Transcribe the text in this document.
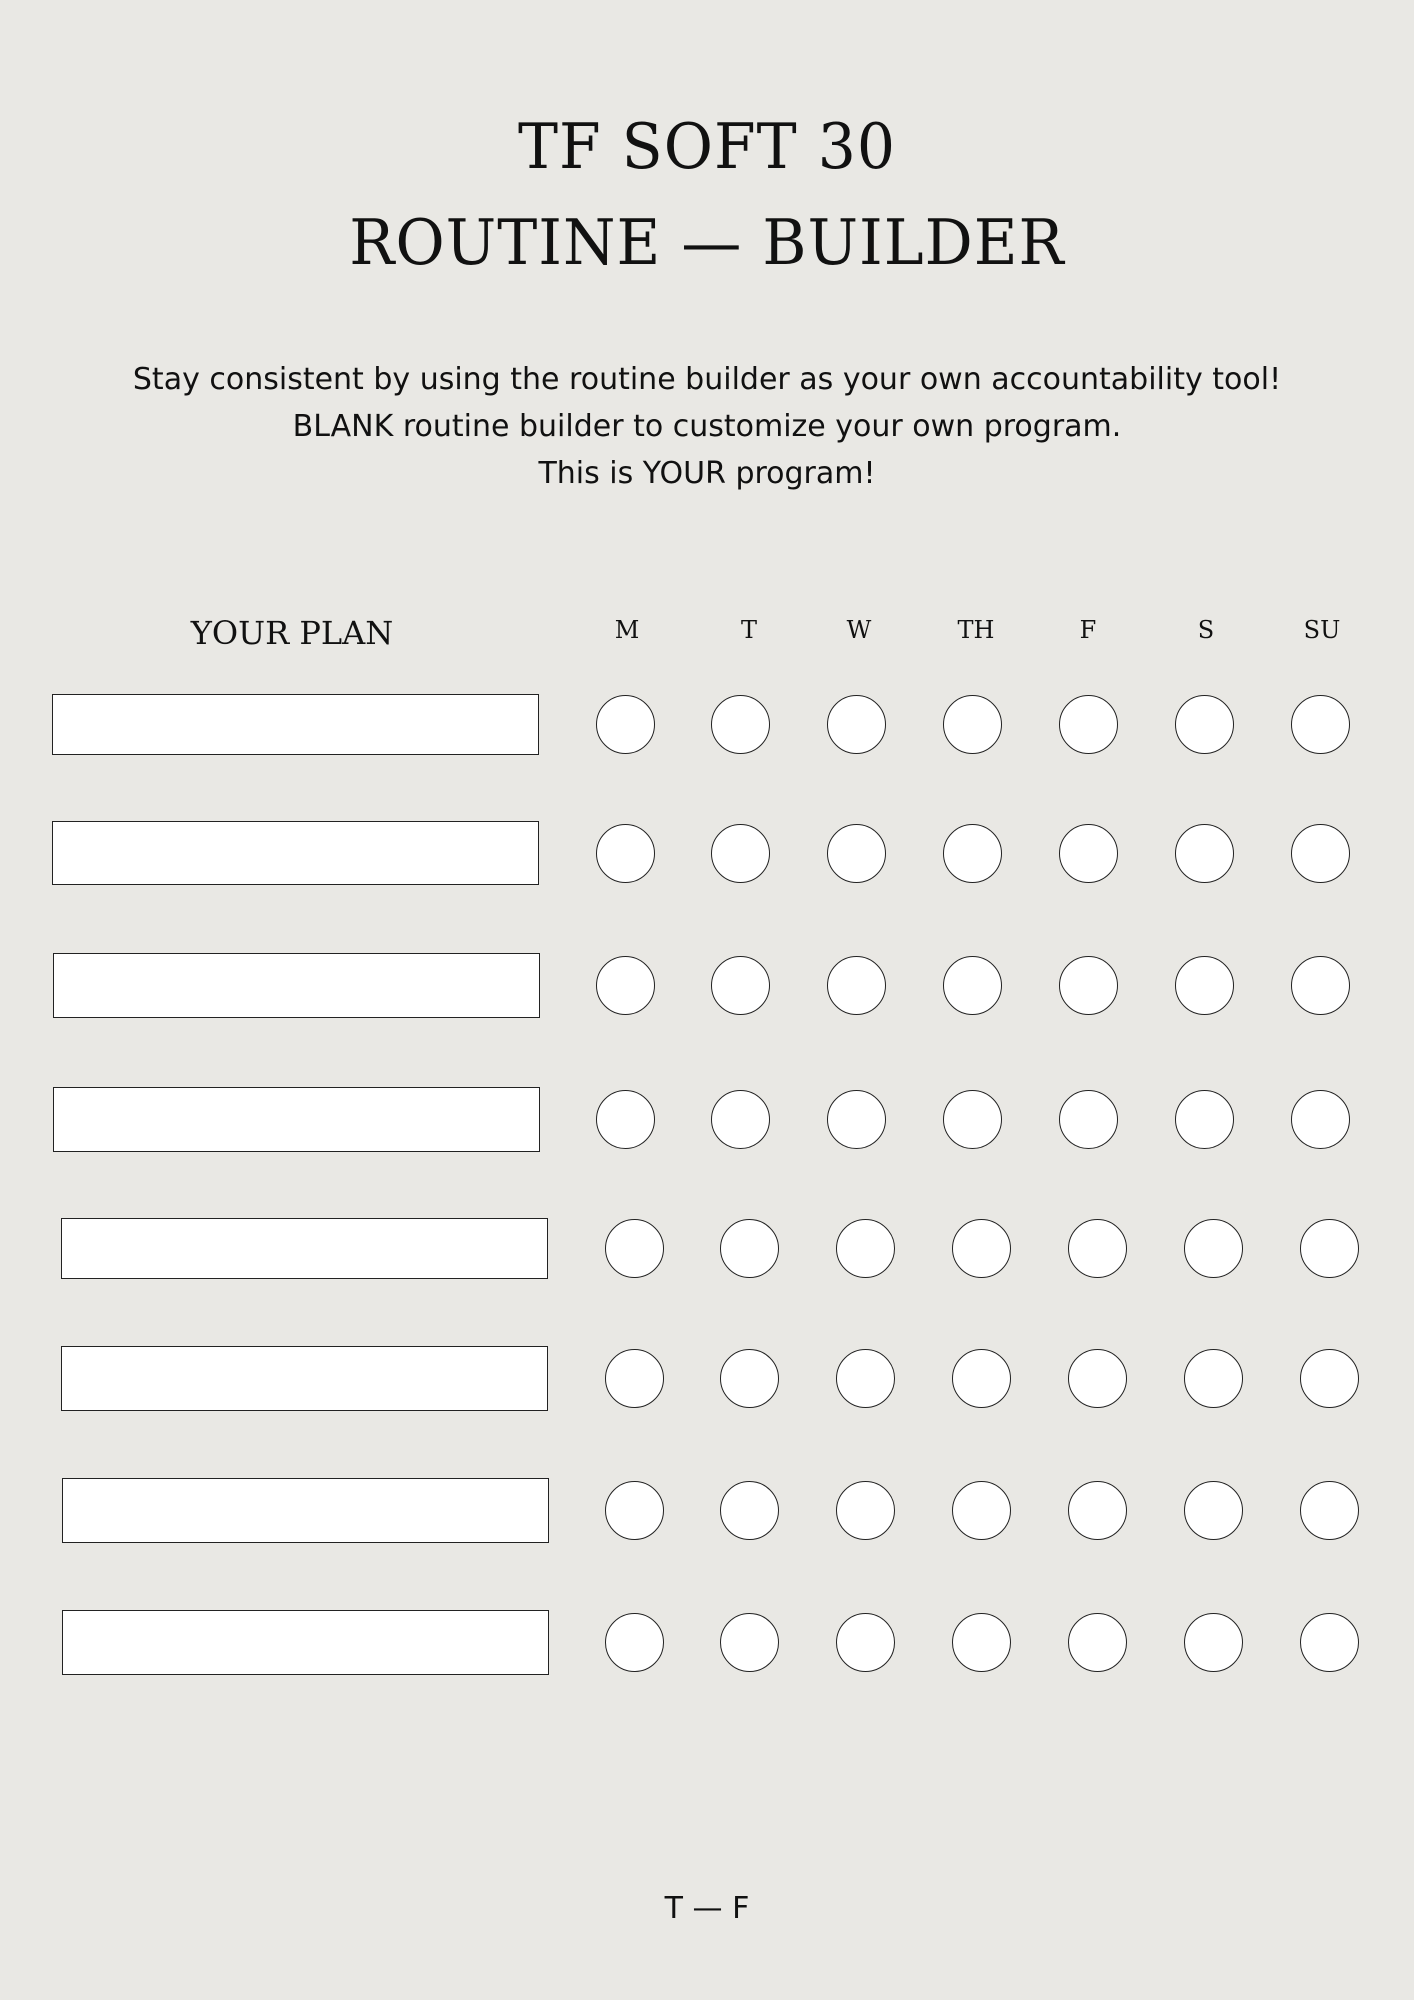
TF SOFT 30
ROUTINE — BUILDER
Stay consistent by using the routine builder as your own accountability tool!
BLANK routine builder to customize your own program.
This is YOUR program!
YOUR PLAN	M	T	W	TH	F	S	SU
T — F
